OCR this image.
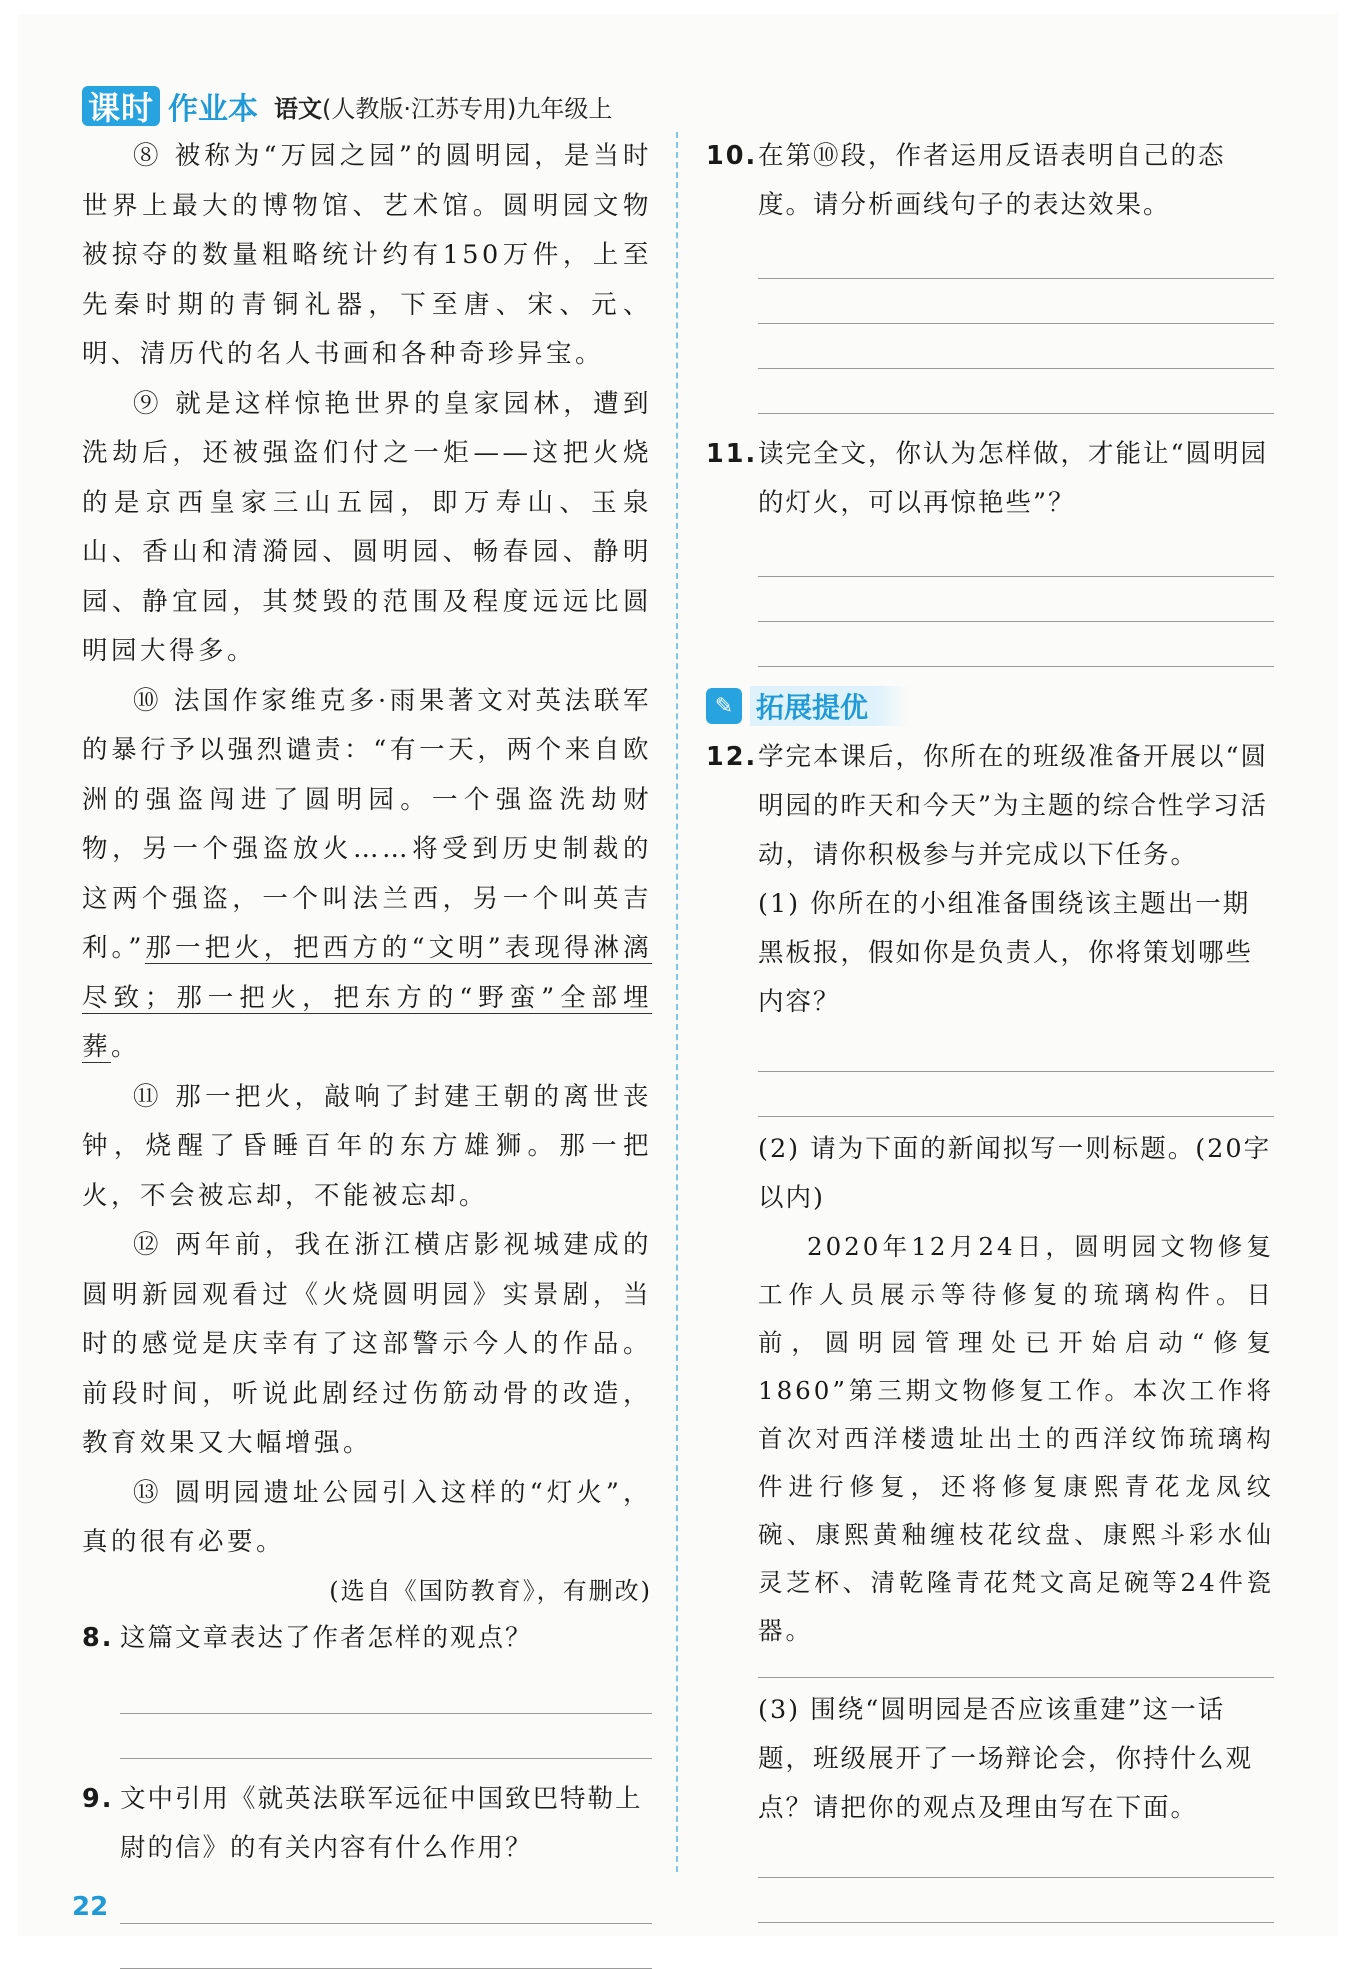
课时 作业本 语文(人教版·江苏专用)九年级上

⑧ 被称为“万园之园”的圆明园，是当时世界上最大的博物馆、艺术馆。圆明园文物被掠夺的数量粗略统计约有150万件，上至先秦时期的青铜礼器，下至唐、宋、元、明、清历代的名人书画和各种奇珍异宝。

⑨ 就是这样惊艳世界的皇家园林，遭到洗劫后，还被强盗们付之一炬——这把火烧的是京西皇家三山五园，即万寿山、玉泉山、香山和清漪园、圆明园、畅春园、静明园、静宜园，其焚毁的范围及程度远远比圆明园大得多。

⑩ 法国作家维克多·雨果著文对英法联军的暴行予以强烈谴责：“有一天，两个来自欧洲的强盗闯进了圆明园。一个强盗洗劫财物，另一个强盗放火……将受到历史制裁的这两个强盗，一个叫法兰西，另一个叫英吉利。”那一把火，把西方的“文明”表现得淋漓尽致；那一把火，把东方的“野蛮”全部埋葬。

⑪ 那一把火，敲响了封建王朝的离世丧钟，烧醒了昏睡百年的东方雄狮。那一把火，不会被忘却，不能被忘却。

⑫ 两年前，我在浙江横店影视城建成的圆明新园观看过《火烧圆明园》实景剧，当时的感觉是庆幸有了这部警示今人的作品。前段时间，听说此剧经过伤筋动骨的改造，教育效果又大幅增强。

⑬ 圆明园遗址公园引入这样的“灯火”，真的很有必要。

(选自《国防教育》，有删改)

8. 这篇文章表达了作者怎样的观点？
9. 文中引用《就英法联军远征中国致巴特勒上尉的信》的有关内容有什么作用？
10. 在第⑩段，作者运用反语表明自己的态度。请分析画线句子的表达效果。
11. 读完全文，你认为怎样做，才能让“圆明园的灯火，可以再惊艳些”？
✎ 拓展提优
12. 学完本课后，你所在的班级准备开展以“圆明园的昨天和今天”为主题的综合性学习活动，请你积极参与并完成以下任务。

(1) 你所在的小组准备围绕该主题出一期黑板报，假如你是负责人，你将策划哪些内容？

(2) 请为下面的新闻拟写一则标题。(20字以内)

2020年12月24日，圆明园文物修复工作人员展示等待修复的琉璃构件。日前，圆明园管理处已开始启动“修复1860”第三期文物修复工作。本次工作将首次对西洋楼遗址出土的西洋纹饰琉璃构件进行修复，还将修复康熙青花龙凤纹碗、康熙黄釉缠枝花纹盘、康熙斗彩水仙灵芝杯、清乾隆青花梵文高足碗等24件瓷器。

(3) 围绕“圆明园是否应该重建”这一话题，班级展开了一场辩论会，你持什么观点？请把你的观点及理由写在下面。

22
